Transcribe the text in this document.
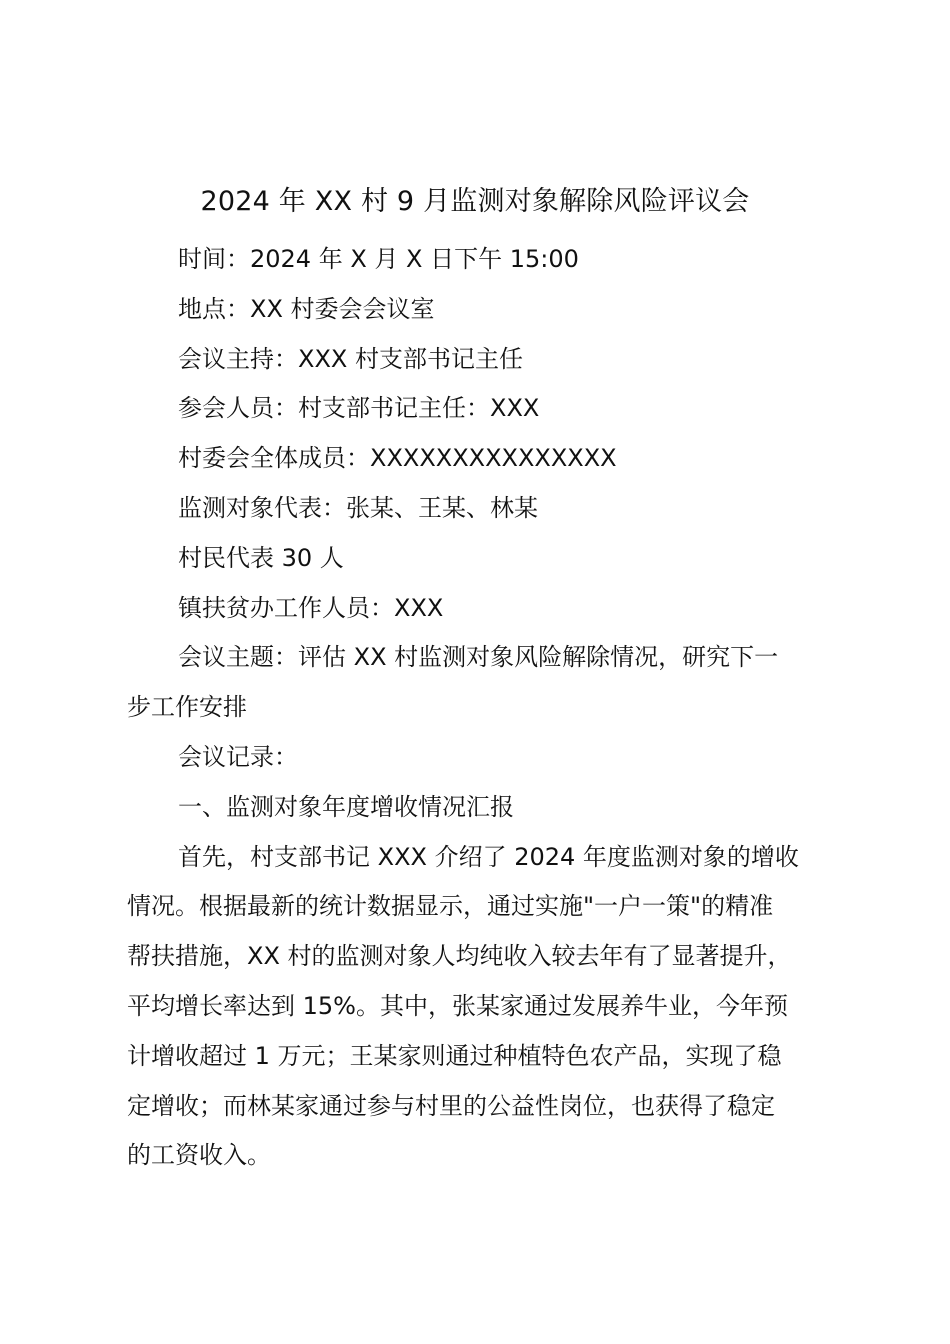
2024 年 XX 村 9 月监测对象解除风险评议会

时间：2024 年 X 月 X 日下午 15:00

地点：XX 村委会会议室

会议主持：XXX 村支部书记主任

参会人员：村支部书记主任：XXX

村委会全体成员：XXXXXXXXXXXXXXX

监测对象代表：张某、王某、林某

村民代表 30 人

镇扶贫办工作人员：XXX

会议主题：评估 XX 村监测对象风险解除情况，研究下一
步工作安排

会议记录：

一、监测对象年度增收情况汇报

首先，村支部书记 XXX 介绍了 2024 年度监测对象的增收
情况。根据最新的统计数据显示，通过实施"一户一策"的精准
帮扶措施，XX 村的监测对象人均纯收入较去年有了显著提升，
平均增长率达到 15%。其中，张某家通过发展养牛业，今年预
计增收超过 1 万元；王某家则通过种植特色农产品，实现了稳
定增收；而林某家通过参与村里的公益性岗位，也获得了稳定
的工资收入。
